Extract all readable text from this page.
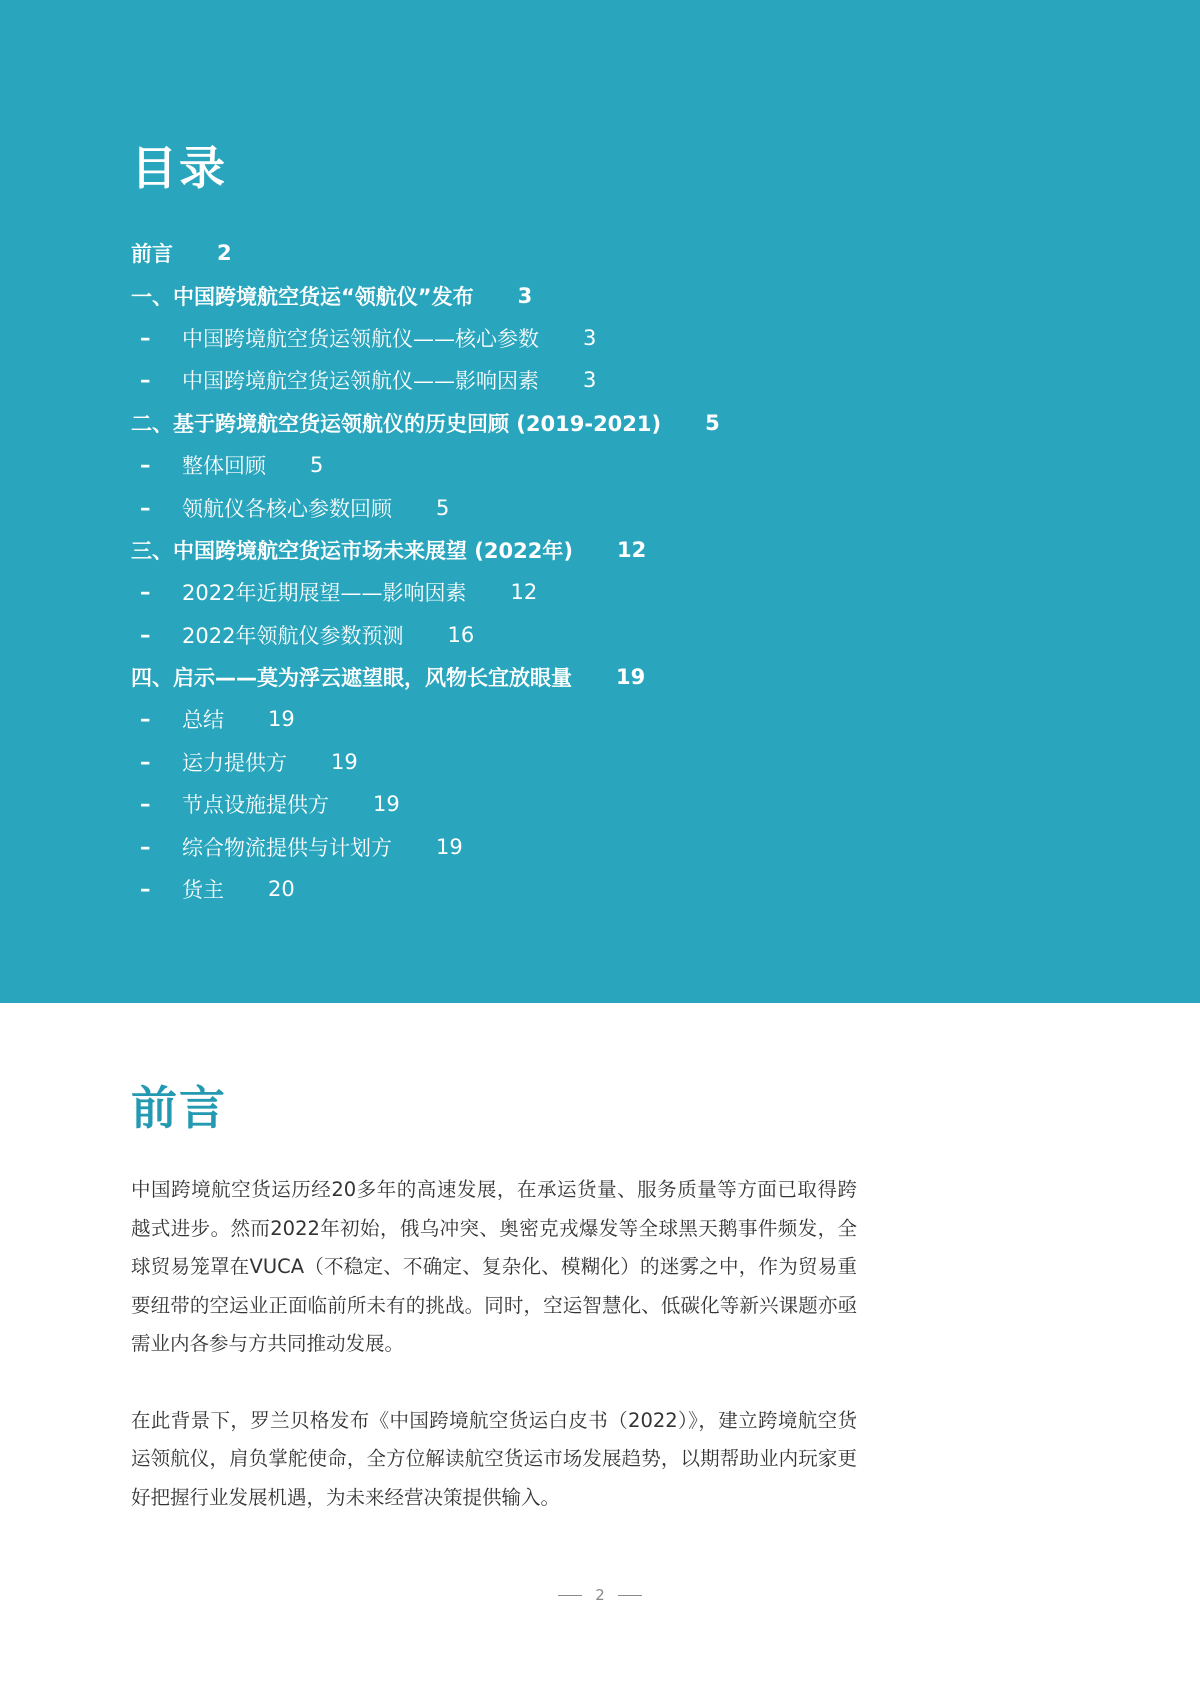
目录
前言 2
一、中国跨境航空货运“领航仪”发布 3
–	中国跨境航空货运领航仪——核心参数 3
–	中国跨境航空货运领航仪——影响因素 3
二、基于跨境航空货运领航仪的历史回顾 (2019-2021) 5
–	整体回顾 5
–	领航仪各核心参数回顾 5
三、中国跨境航空货运市场未来展望 (2022年) 12
–	2022年近期展望——影响因素 12
–	2022年领航仪参数预测 16
四、启示——莫为浮云遮望眼，风物长宜放眼量 19
–	总结 19
–	运力提供方 19
–	节点设施提供方 19
–	综合物流提供与计划方 19
–	货主 20
前言

中国跨境航空货运历经20多年的高速发展，在承运货量、服务质量等方面已取得跨越式进步。然而2022年初始，俄乌冲突、奥密克戎爆发等全球黑天鹅事件频发，全球贸易笼罩在VUCA（不稳定、不确定、复杂化、模糊化）的迷雾之中，作为贸易重要纽带的空运业正面临前所未有的挑战。同时，空运智慧化、低碳化等新兴课题亦亟需业内各参与方共同推动发展。

在此背景下，罗兰贝格发布《中国跨境航空货运白皮书（2022）》，建立跨境航空货运领航仪，肩负掌舵使命，全方位解读航空货运市场发展趋势，以期帮助业内玩家更好把握行业发展机遇，为未来经营决策提供输入。

2
